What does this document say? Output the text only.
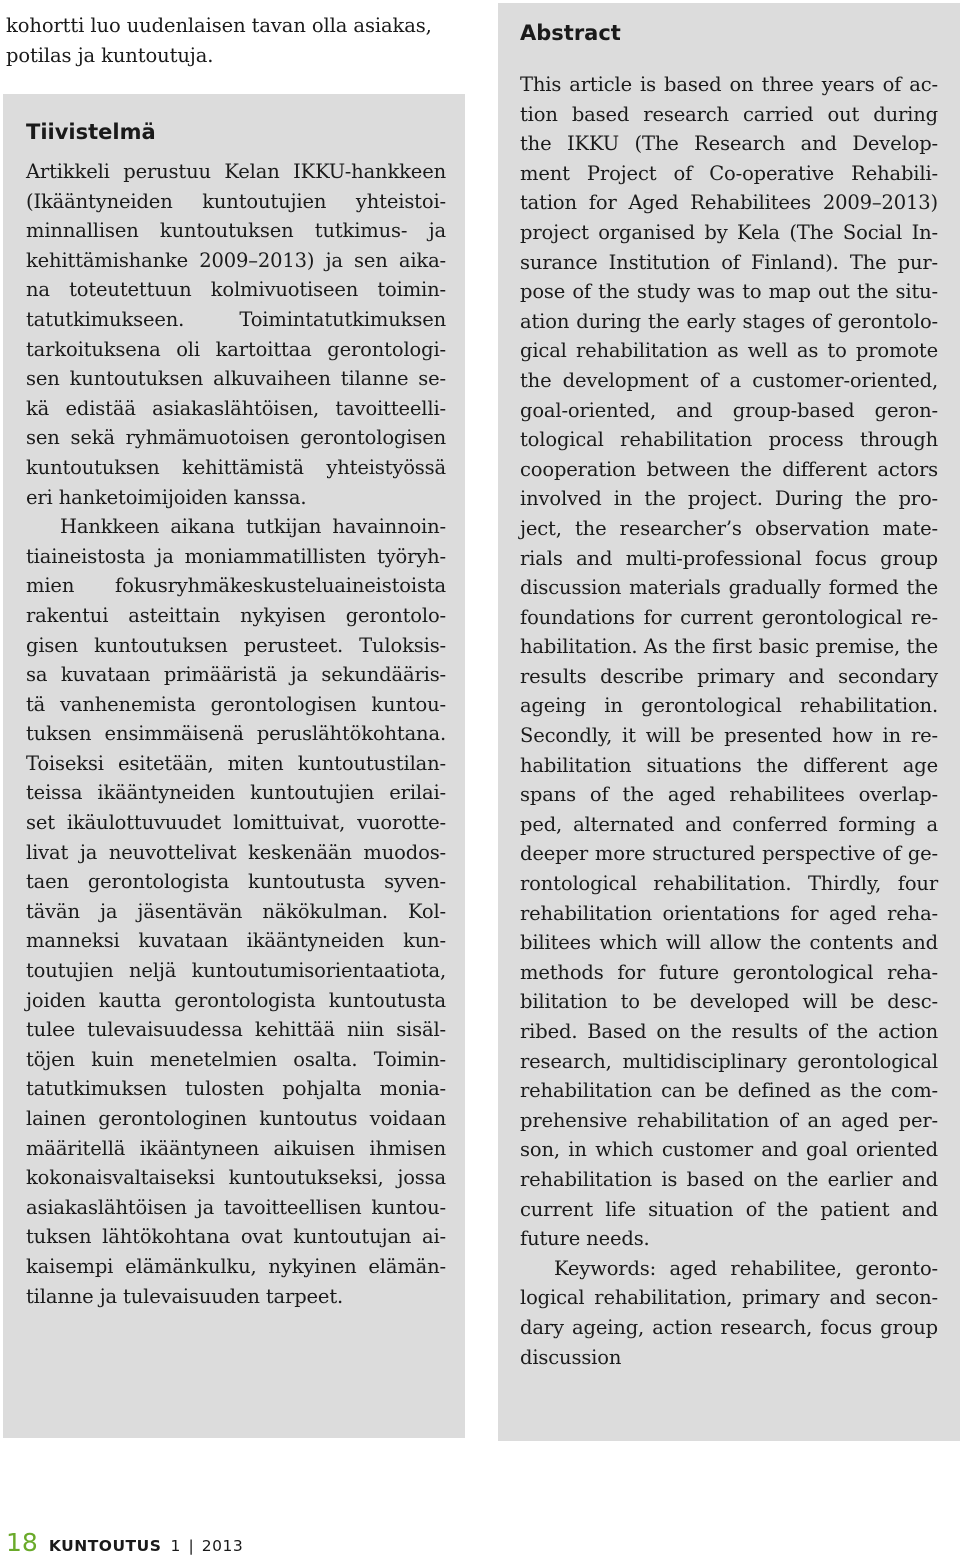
kohortti luo uudenlaisen tavan olla asiakas,
potilas ja kuntoutuja.
Tiivistelmä
Artikkeli perustuu Kelan IKKU-hankkeen
(Ikääntyneiden kuntoutujien yhteistoi-
minnallisen kuntoutuksen tutkimus- ja
kehittämishanke 2009–2013) ja sen aika-
na toteutettuun kolmivuotiseen toimin-
tatutkimukseen. Toimintatutkimuksen
tarkoituksena oli kartoittaa gerontologi-
sen kuntoutuksen alkuvaiheen tilanne se-
kä edistää asiakaslähtöisen, tavoitteelli-
sen sekä ryhmämuotoisen gerontologisen
kuntoutuksen kehittämistä yhteistyössä
eri hanketoimijoiden kanssa.
Hankkeen aikana tutkijan havainnoin-
tiaineistosta ja moniammatillisten työryh-
mien fokusryhmäkeskusteluaineistoista
rakentui asteittain nykyisen gerontolo-
gisen kuntoutuksen perusteet. Tuloksis-
sa kuvataan primääristä ja sekundääris-
tä vanhenemista gerontologisen kuntou-
tuksen ensimmäisenä peruslähtökohtana.
Toiseksi esitetään, miten kuntoutustilan-
teissa ikääntyneiden kuntoutujien erilai-
set ikäulottuvuudet lomittuivat, vuorotte-
livat ja neuvottelivat keskenään muodos-
taen gerontologista kuntoutusta syven-
tävän ja jäsentävän näkökulman. Kol-
manneksi kuvataan ikääntyneiden kun-
toutujien neljä kuntoutumisorientaatiota,
joiden kautta gerontologista kuntoutusta
tulee tulevaisuudessa kehittää niin sisäl-
töjen kuin menetelmien osalta. Toimin-
tatutkimuksen tulosten pohjalta monia-
lainen gerontologinen kuntoutus voidaan
määritellä ikääntyneen aikuisen ihmisen
kokonaisvaltaiseksi kuntoutukseksi, jossa
asiakaslähtöisen ja tavoitteellisen kuntou-
tuksen lähtökohtana ovat kuntoutujan ai-
kaisempi elämänkulku, nykyinen elämän-
tilanne ja tulevaisuuden tarpeet.
Abstract
This article is based on three years of ac-
tion based research carried out during
the IKKU (The Research and Develop-
ment Project of Co-operative Rehabili-
tation for Aged Rehabilitees 2009–2013)
project organised by Kela (The Social In-
surance Institution of Finland). The pur-
pose of the study was to map out the situ-
ation during the early stages of gerontolo-
gical rehabilitation as well as to promote
the development of a customer-oriented,
goal-oriented, and group-based geron-
tological rehabilitation process through
cooperation between the different actors
involved in the project. During the pro-
ject, the researcher’s observation mate-
rials and multi-professional focus group
discussion materials gradually formed the
foundations for current gerontological re-
habilitation. As the first basic premise, the
results describe primary and secondary
ageing in gerontological rehabilitation.
Secondly, it will be presented how in re-
habilitation situations the different age
spans of the aged rehabilitees overlap-
ped, alternated and conferred forming a
deeper more structured perspective of ge-
rontological rehabilitation. Thirdly, four
rehabilitation orientations for aged reha-
bilitees which will allow the contents and
methods for future gerontological reha-
bilitation to be developed will be desc-
ribed. Based on the results of the action
research, multidisciplinary gerontological
rehabilitation can be defined as the com-
prehensive rehabilitation of an aged per-
son, in which customer and goal oriented
rehabilitation is based on the earlier and
current life situation of the patient and
future needs.
Keywords: aged rehabilitee, geronto-
logical rehabilitation, primary and secon-
dary ageing, action research, focus group
discussion
18 KUNTOUTUS 1 | 2013
